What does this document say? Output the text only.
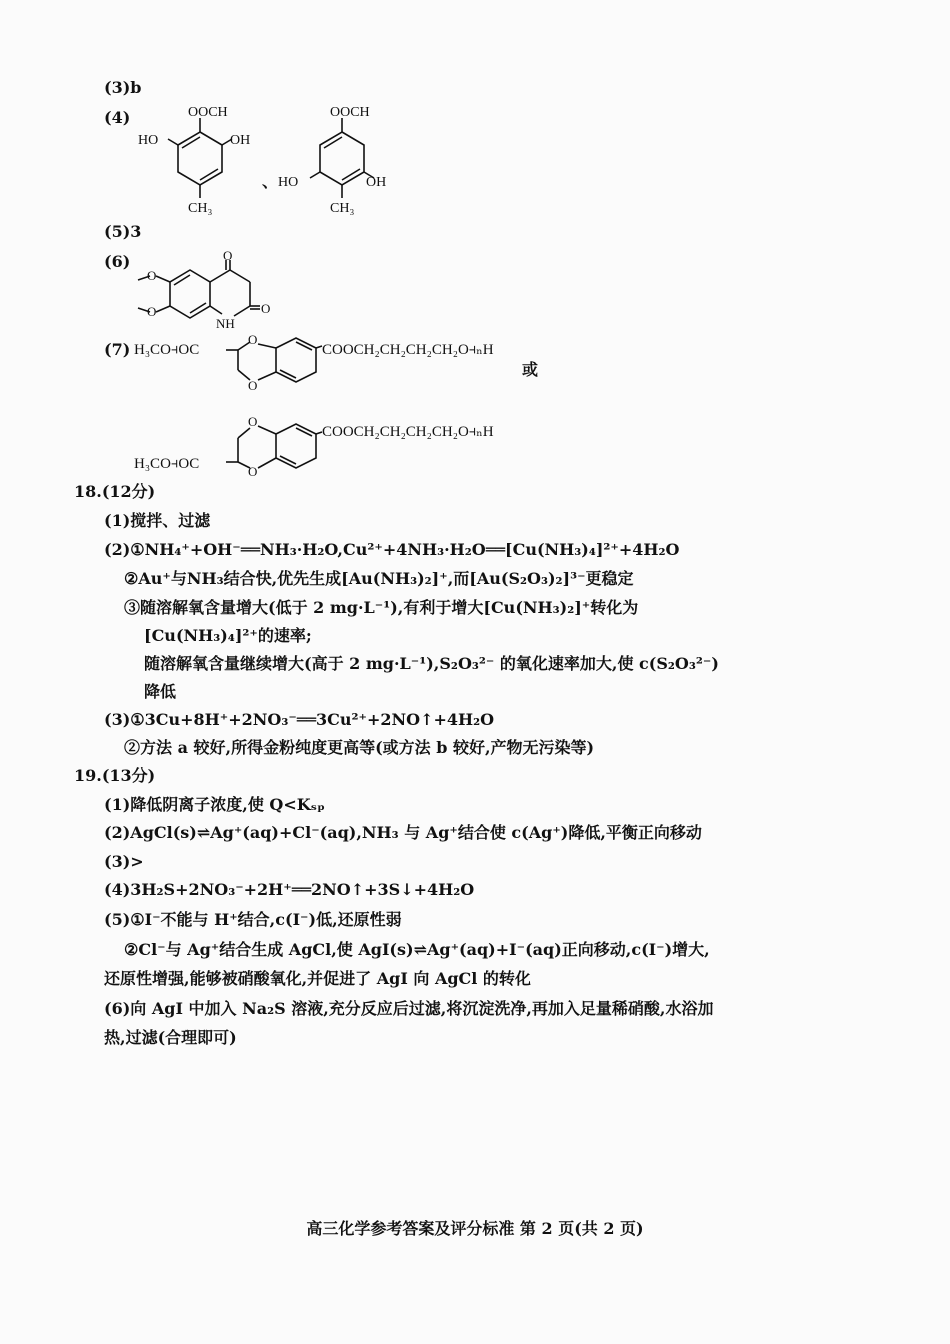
(3)b
(4)	OOCH
HO	OH
CH₃
、
OOCH
HO	OH
CH₃
(5)3
(6)	O
O
O
O
NH
(7) H₃CO⫞OC
O
O
COOCH₂CH₂CH₂CH₂O⫞ₙH
或
H₃CO⫞OC
O
O
COOCH₂CH₂CH₂CH₂O⫞ₙH
18.(12分)
(1)搅拌、过滤
(2)①NH₄⁺+OH⁻══NH₃·H₂O,Cu²⁺+4NH₃·H₂O══[Cu(NH₃)₄]²⁺+4H₂O
②Au⁺与NH₃结合快,优先生成[Au(NH₃)₂]⁺,而[Au(S₂O₃)₂]³⁻更稳定
③随溶解氧含量增大(低于 2 mg·L⁻¹),有利于增大[Cu(NH₃)₂]⁺转化为
[Cu(NH₃)₄]²⁺的速率;
随溶解氧含量继续增大(高于 2 mg·L⁻¹),S₂O₃²⁻ 的氧化速率加大,使 c(S₂O₃²⁻)
降低
(3)①3Cu+8H⁺+2NO₃⁻══3Cu²⁺+2NO↑+4H₂O
②方法 a 较好,所得金粉纯度更高等(或方法 b 较好,产物无污染等)
19.(13分)
(1)降低阴离子浓度,使 Q<Kₛₚ
(2)AgCl(s)⇌Ag⁺(aq)+Cl⁻(aq),NH₃ 与 Ag⁺结合使 c(Ag⁺)降低,平衡正向移动
(3)>
(4)3H₂S+2NO₃⁻+2H⁺══2NO↑+3S↓+4H₂O
(5)①I⁻不能与 H⁺结合,c(I⁻)低,还原性弱
②Cl⁻与 Ag⁺结合生成 AgCl,使 AgI(s)⇌Ag⁺(aq)+I⁻(aq)正向移动,c(I⁻)增大,
还原性增强,能够被硝酸氧化,并促进了 AgI 向 AgCl 的转化
(6)向 AgI 中加入 Na₂S 溶液,充分反应后过滤,将沉淀洗净,再加入足量稀硝酸,水浴加
热,过滤(合理即可)
高三化学参考答案及评分标准 第 2 页(共 2 页)
